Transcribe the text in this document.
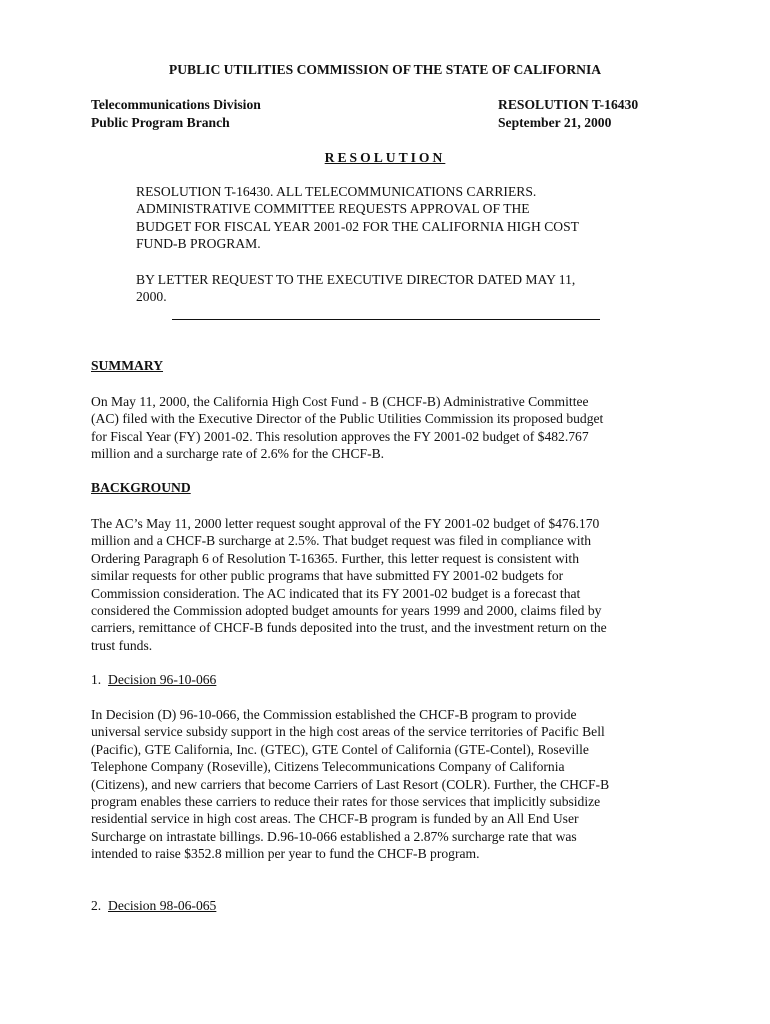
PUBLIC UTILITIES COMMISSION OF THE STATE OF CALIFORNIA
Telecommunications Division
Public Program Branch
RESOLUTION T-16430
September 21, 2000
RESOLUTION
RESOLUTION T-16430. ALL TELECOMMUNICATIONS CARRIERS.
ADMINISTRATIVE COMMITTEE REQUESTS APPROVAL OF THE
BUDGET FOR FISCAL YEAR 2001-02 FOR THE CALIFORNIA HIGH COST
FUND-B PROGRAM.
BY LETTER REQUEST TO THE EXECUTIVE DIRECTOR DATED MAY 11,
2000.
SUMMARY
On May 11, 2000, the California High Cost Fund - B (CHCF-B) Administrative Committee
(AC) filed with the Executive Director of the Public Utilities Commission its proposed budget
for Fiscal Year (FY) 2001-02. This resolution approves the FY 2001-02 budget of $482.767
million and a surcharge rate of 2.6% for the CHCF-B.
BACKGROUND
The AC’s May 11, 2000 letter request sought approval of the FY 2001-02 budget of $476.170
million and a CHCF-B surcharge at 2.5%. That budget request was filed in compliance with
Ordering Paragraph 6 of Resolution T-16365. Further, this letter request is consistent with
similar requests for other public programs that have submitted FY 2001-02 budgets for
Commission consideration. The AC indicated that its FY 2001-02 budget is a forecast that
considered the Commission adopted budget amounts for years 1999 and 2000, claims filed by
carriers, remittance of CHCF-B funds deposited into the trust, and the investment return on the
trust funds.
1. Decision 96-10-066
In Decision (D) 96-10-066, the Commission established the CHCF-B program to provide
universal service subsidy support in the high cost areas of the service territories of Pacific Bell
(Pacific), GTE California, Inc. (GTEC), GTE Contel of California (GTE-Contel), Roseville
Telephone Company (Roseville), Citizens Telecommunications Company of California
(Citizens), and new carriers that become Carriers of Last Resort (COLR). Further, the CHCF-B
program enables these carriers to reduce their rates for those services that implicitly subsidize
residential service in high cost areas. The CHCF-B program is funded by an All End User
Surcharge on intrastate billings. D.96-10-066 established a 2.87% surcharge rate that was
intended to raise $352.8 million per year to fund the CHCF-B program.
2. Decision 98-06-065
